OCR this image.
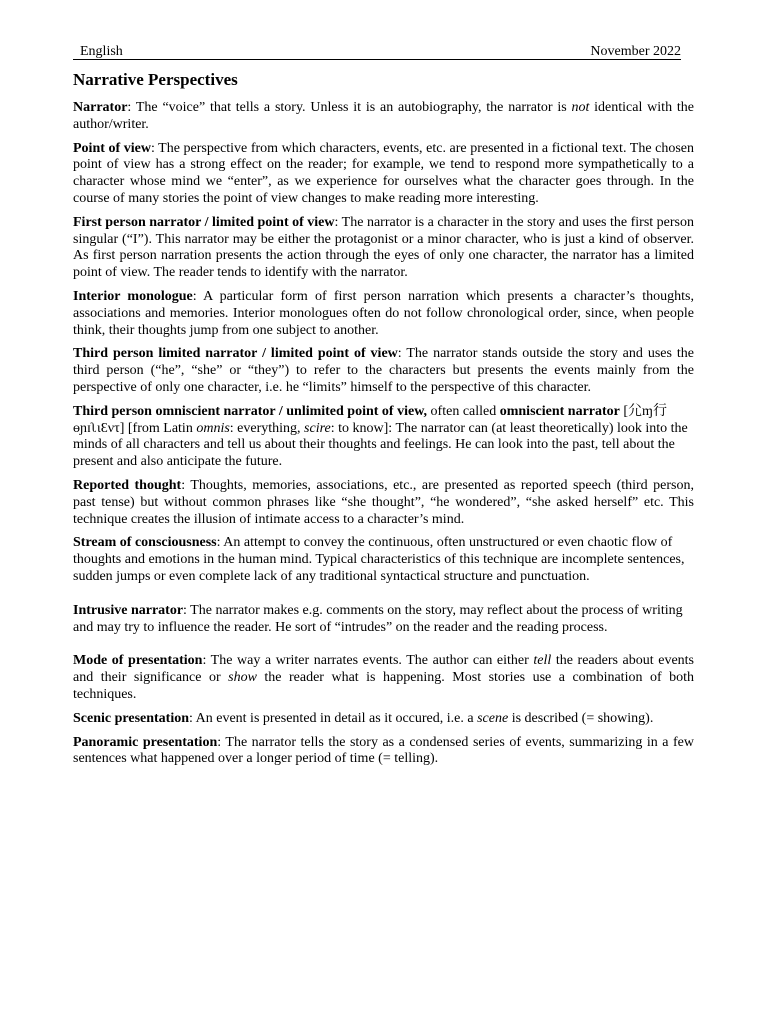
English	November 2022
Narrative Perspectives

Narrator: The “voice” that tells a story. Unless it is an autobiography, the narrator is not identical with the author/writer.

Point of view: The perspective from which characters, events, etc. are presented in a fictional text. The chosen point of view has a strong effect on the reader; for example, we tend to respond more sympathetically to a character whose mind we “enter”, as we experience for ourselves what the character goes through. In the course of many stories the point of view changes to make reading more interesting.

First person narrator / limited point of view: The narrator is a character in the story and uses the first person singular (“I”). This narrator may be either the protagonist or a minor character, who is just a kind of observer. As first person narration presents the action through the eyes of only one character, the narrator has a limited point of view. The reader tends to identify with the narrator.

Interior monologue: A particular form of first person narration which presents a character’s thoughts, associations and memories. Interior monologues often do not follow chronological order, since, when people think, their thoughts jump from one subject to another.

Third person limited narrator / limited point of view: The narrator stands outside the story and uses the third person (“he”, “she” or “they”) to refer to the characters but presents the events mainly from the perspective of only one character, i.e. he “limits” himself to the perspective of this character.

Third person omniscient narrator / unlimited point of view, often called omniscient narrator [⺏ɱ⾏ɵɲɪʅιƐντ] [from Latin omnis: everything, scire: to know]: The narrator can (at least theoretically) look into the minds of all characters and tell us about their thoughts and feelings. He can look into the past, tell about the present and also anticipate the future.

Reported thought: Thoughts, memories, associations, etc., are presented as reported speech (third person, past tense) but without common phrases like “she thought”, “he wondered”, “she asked herself” etc. This technique creates the illusion of intimate access to a character’s mind.

Stream of consciousness: An attempt to convey the continuous, often unstructured or even chaotic flow of thoughts and emotions in the human mind. Typical characteristics of this technique are incomplete sentences, sudden jumps or even complete lack of any traditional syntactical structure and punctuation.

Intrusive narrator: The narrator makes e.g. comments on the story, may reflect about the process of writing and may try to influence the reader. He sort of “intrudes” on the reader and the reading process.

Mode of presentation: The way a writer narrates events. The author can either tell the readers about events and their significance or show the reader what is happening. Most stories use a combination of both techniques.

Scenic presentation: An event is presented in detail as it occured, i.e. a scene is described (= showing).

Panoramic presentation: The narrator tells the story as a condensed series of events, summarizing in a few sentences what happened over a longer period of time (= telling).
